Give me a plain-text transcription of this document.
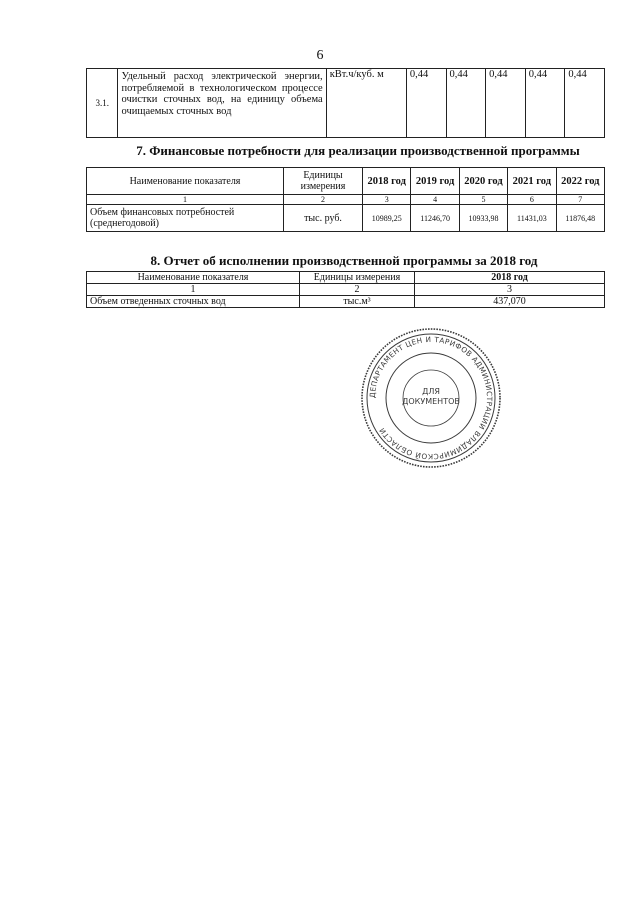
6
3.1.	Удельный расход электрической энергии, потребляемой в технологическом процессе очистки сточных вод, на единицу объема очищаемых сточных вод	кВт.ч/куб. м	0,44	0,44	0,44	0,44	0,44
7. Финансовые потребности для реализации производственной программы
Наименование показателя	Единицы измерения	2018 год	2019 год	2020 год	2021 год	2022 год
1	2	3	4	5	6	7
Объем финансовых потребностей (среднегодовой)	тыс. руб.	10989,25	11246,70	10933,98	11431,03	11876,48
8. Отчет об исполнении производственной программы за 2018 год
Наименование показателя	Единицы измерения	2018 год
1	2	3
Объем отведенных сточных вод	тыс.м³	437,070
ДЕПАРТАМЕНТ ЦЕН И ТАРИФОВ АДМИНИСТРАЦИИ ВЛАДИМИРСКОЙ ОБЛАСТИ
ДЛЯ ДОКУМЕНТОВ
